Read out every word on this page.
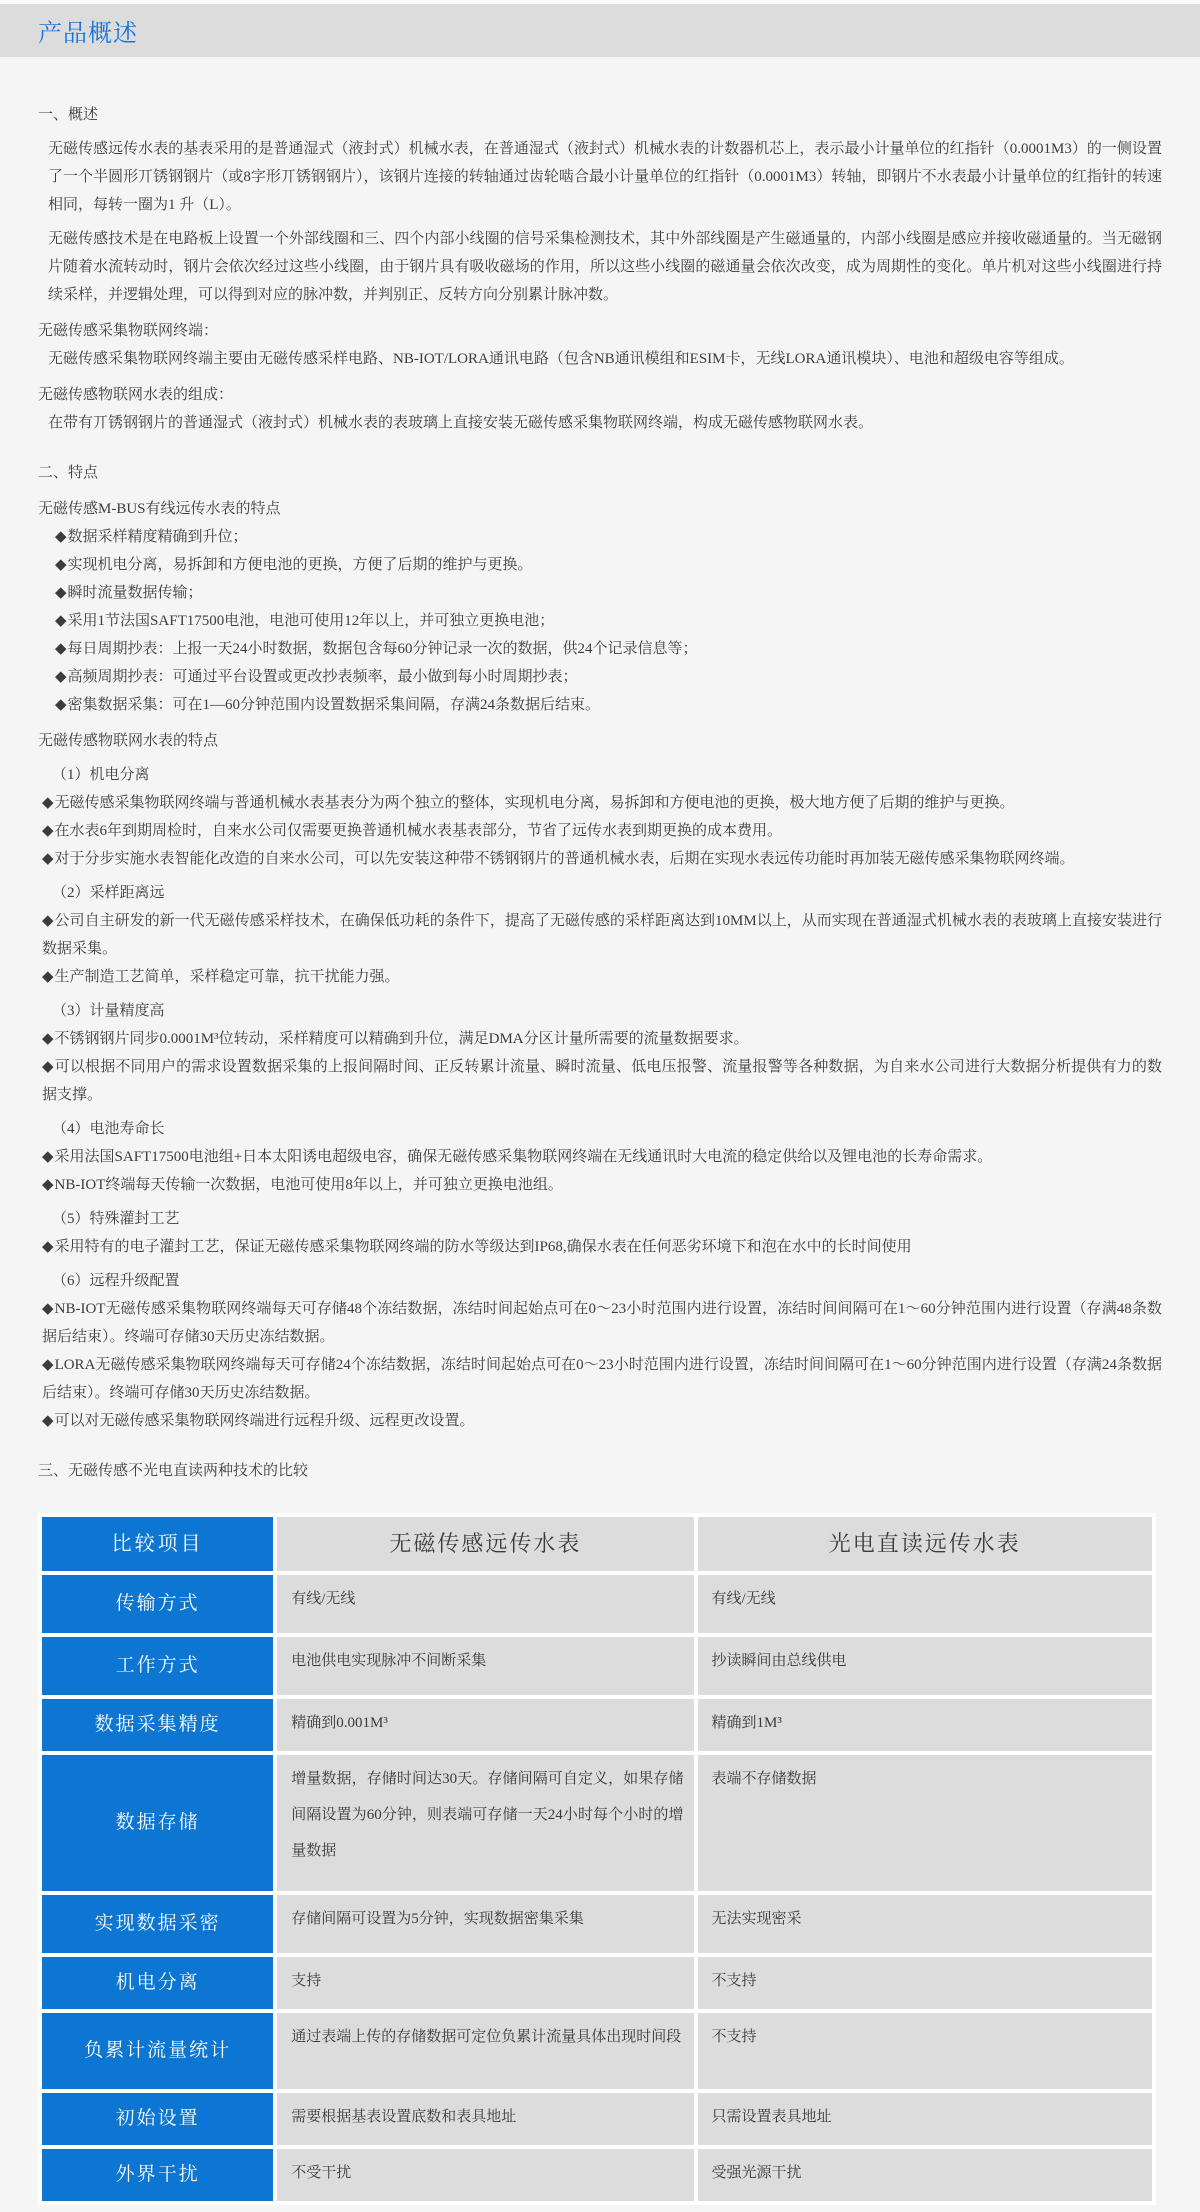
产品概述
一、概述
无磁传感远传水表的基表采用的是普通湿式（液封式）机械水表，在普通湿式（液封式）机械水表的计数器机芯上，表示最小计量单位的红指针（0.0001M3）的一侧设置了一个半圆形丌锈钢钢片（或8字形丌锈钢钢片），该钢片连接的转轴通过齿轮啮合最小计量单位的红指针（0.0001M3）转轴，即钢片不水表最小计量单位的红指针的转速相同，每转一圈为1 升（L）。
无磁传感技术是在电路板上设置一个外部线圈和三、四个内部小线圈的信号采集检测技术，其中外部线圈是产生磁通量的，内部小线圈是感应并接收磁通量的。当无磁钢片随着水流转动时，钢片会依次经过这些小线圈，由于钢片具有吸收磁场的作用，所以这些小线圈的磁通量会依次改变，成为周期性的变化。单片机对这些小线圈进行持续采样，并逻辑处理，可以得到对应的脉冲数，并判别正、反转方向分别累计脉冲数。
无磁传感采集物联网终端：
无磁传感采集物联网终端主要由无磁传感采样电路、NB-IOT/LORA通讯电路（包含NB通讯模组和ESIM卡，无线LORA通讯模块）、电池和超级电容等组成。
无磁传感物联网水表的组成：
在带有丌锈钢钢片的普通湿式（液封式）机械水表的表玻璃上直接安装无磁传感采集物联网终端，构成无磁传感物联网水表。
二、特点
无磁传感M-BUS有线远传水表的特点
◆数据采样精度精确到升位；
◆实现机电分离，易拆卸和方便电池的更换，方便了后期的维护与更换。
◆瞬时流量数据传输；
◆采用1节法国SAFT17500电池，电池可使用12年以上，并可独立更换电池；
◆每日周期抄表：上报一天24小时数据，数据包含每60分钟记录一次的数据，供24个记录信息等；
◆高频周期抄表：可通过平台设置或更改抄表频率，最小做到每小时周期抄表；
◆密集数据采集：可在1—60分钟范围内设置数据采集间隔，存满24条数据后结束。
无磁传感物联网水表的特点
（1）机电分离
◆无磁传感采集物联网终端与普通机械水表基表分为两个独立的整体，实现机电分离，易拆卸和方便电池的更换，极大地方便了后期的维护与更换。
◆在水表6年到期周检时，自来水公司仅需要更换普通机械水表基表部分，节省了远传水表到期更换的成本费用。
◆对于分步实施水表智能化改造的自来水公司，可以先安装这种带不锈钢钢片的普通机械水表，后期在实现水表远传功能时再加装无磁传感采集物联网终端。
（2）采样距离远
◆公司自主研发的新一代无磁传感采样技术，在确保低功耗的条件下，提高了无磁传感的采样距离达到10MM以上，从而实现在普通湿式机械水表的表玻璃上直接安装进行数据采集。
◆生产制造工艺简单，采样稳定可靠，抗干扰能力强。
（3）计量精度高
◆不锈钢钢片同步0.0001M³位转动，采样精度可以精确到升位，满足DMA分区计量所需要的流量数据要求。
◆可以根据不同用户的需求设置数据采集的上报间隔时间、正反转累计流量、瞬时流量、低电压报警、流量报警等各种数据，为自来水公司进行大数据分析提供有力的数据支撑。
（4）电池寿命长
◆采用法国SAFT17500电池组+日本太阳诱电超级电容，确保无磁传感采集物联网终端在无线通讯时大电流的稳定供给以及锂电池的长寿命需求。
◆NB-IOT终端每天传输一次数据，电池可使用8年以上，并可独立更换电池组。
（5）特殊灌封工艺
◆采用特有的电子灌封工艺，保证无磁传感采集物联网终端的防水等级达到IP68,确保水表在任何恶劣环境下和泡在水中的长时间使用
（6）远程升级配置
◆NB-IOT无磁传感采集物联网终端每天可存储48个冻结数据，冻结时间起始点可在0～23小时范围内进行设置，冻结时间间隔可在1～60分钟范围内进行设置（存满48条数据后结束）。终端可存储30天历史冻结数据。
◆LORA无磁传感采集物联网终端每天可存储24个冻结数据，冻结时间起始点可在0～23小时范围内进行设置，冻结时间间隔可在1～60分钟范围内进行设置（存满24条数据后结束）。终端可存储30天历史冻结数据。
◆可以对无磁传感采集物联网终端进行远程升级、远程更改设置。
三、无磁传感不光电直读两种技术的比较
比较项目	无磁传感远传水表	光电直读远传水表
传输方式	有线/无线	有线/无线
工作方式	电池供电实现脉冲不间断采集	抄读瞬间由总线供电
数据采集精度	精确到0.001M³	精确到1M³
数据存储	增量数据，存储时间达30天。存储间隔可自定义，如果存储间隔设置为60分钟，则表端可存储一天24小时每个小时的增量数据	表端不存储数据
实现数据采密	存储间隔可设置为5分钟，实现数据密集采集	无法实现密采
机电分离	支持	不支持
负累计流量统计	通过表端上传的存储数据可定位负累计流量具体出现时间段	不支持
初始设置	需要根据基表设置底数和表具地址	只需设置表具地址
外界干扰	不受干扰	受强光源干扰
